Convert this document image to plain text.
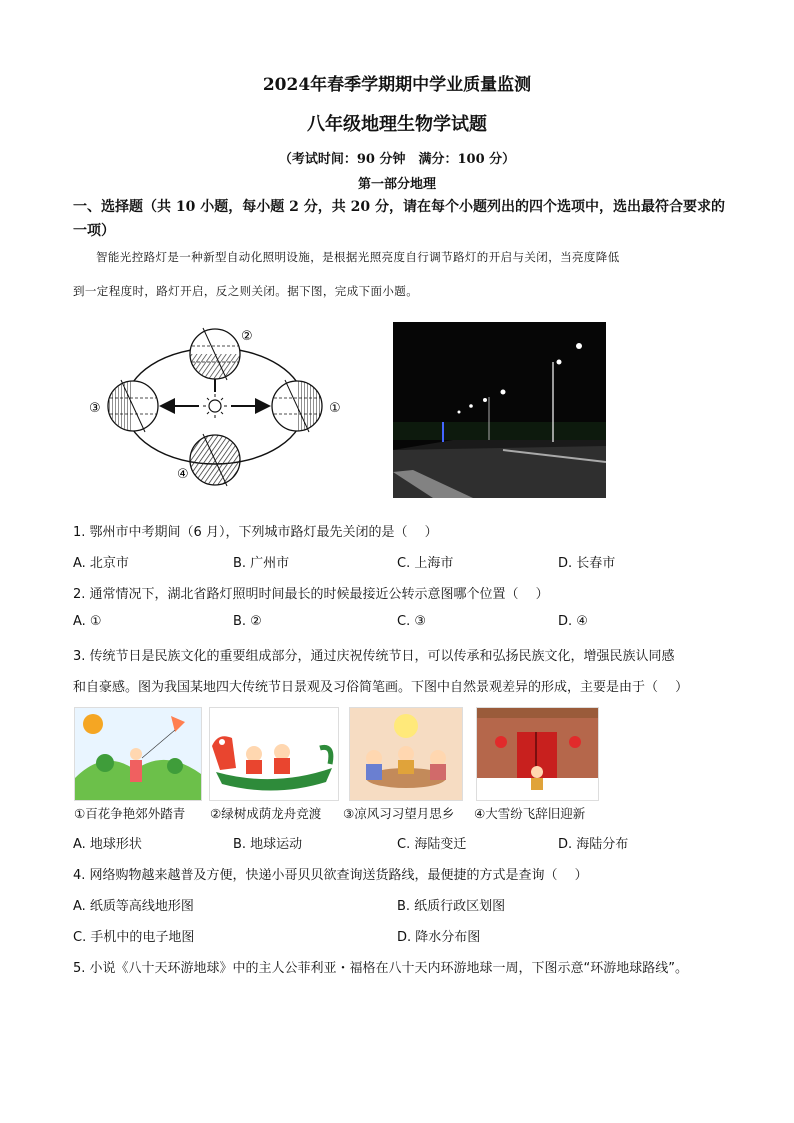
2024年春季学期期中学业质量监测
八年级地理生物学试题
（考试时间：90 分钟　满分：100 分）
第一部分地理
一、选择题（共 10 小题，每小题 2 分，共 20 分，请在每个小题列出的四个选项中，选出最符合要求的一项）
智能光控路灯是一种新型自动化照明设施，是根据光照亮度自行调节路灯的开启与关闭，当亮度降低
到一定程度时，路灯开启，反之则关闭。据下图，完成下面小题。
②
①
③
④
1. 鄂州市中考期间（6 月），下列城市路灯最先关闭的是（　 ）
A. 北京市	B. 广州市	C. 上海市	D. 长春市
2. 通常情况下，湖北省路灯照明时间最长的时候最接近公转示意图哪个位置（　 ）
A. ①	B. ②	C. ③	D. ④
3. 传统节日是民族文化的重要组成部分，通过庆祝传统节日，可以传承和弘扬民族文化，增强民族认同感
和自豪感。图为我国某地四大传统节日景观及习俗简笔画。下图中自然景观差异的形成，主要是由于（　 ）
①百花争艳郊外踏青 ②绿树成荫龙舟竞渡 ③凉风习习望月思乡 ④大雪纷飞辞旧迎新
A. 地球形状	B. 地球运动	C. 海陆变迁	D. 海陆分布
4. 网络购物越来越普及方便，快递小哥贝贝欲查询送货路线，最便捷的方式是查询（　 ）
A. 纸质等高线地形图	B. 纸质行政区划图
C. 手机中的电子地图	D. 降水分布图
5. 小说《八十天环游地球》中的主人公菲利亚・福格在八十天内环游地球一周，下图示意“环游地球路线”。
